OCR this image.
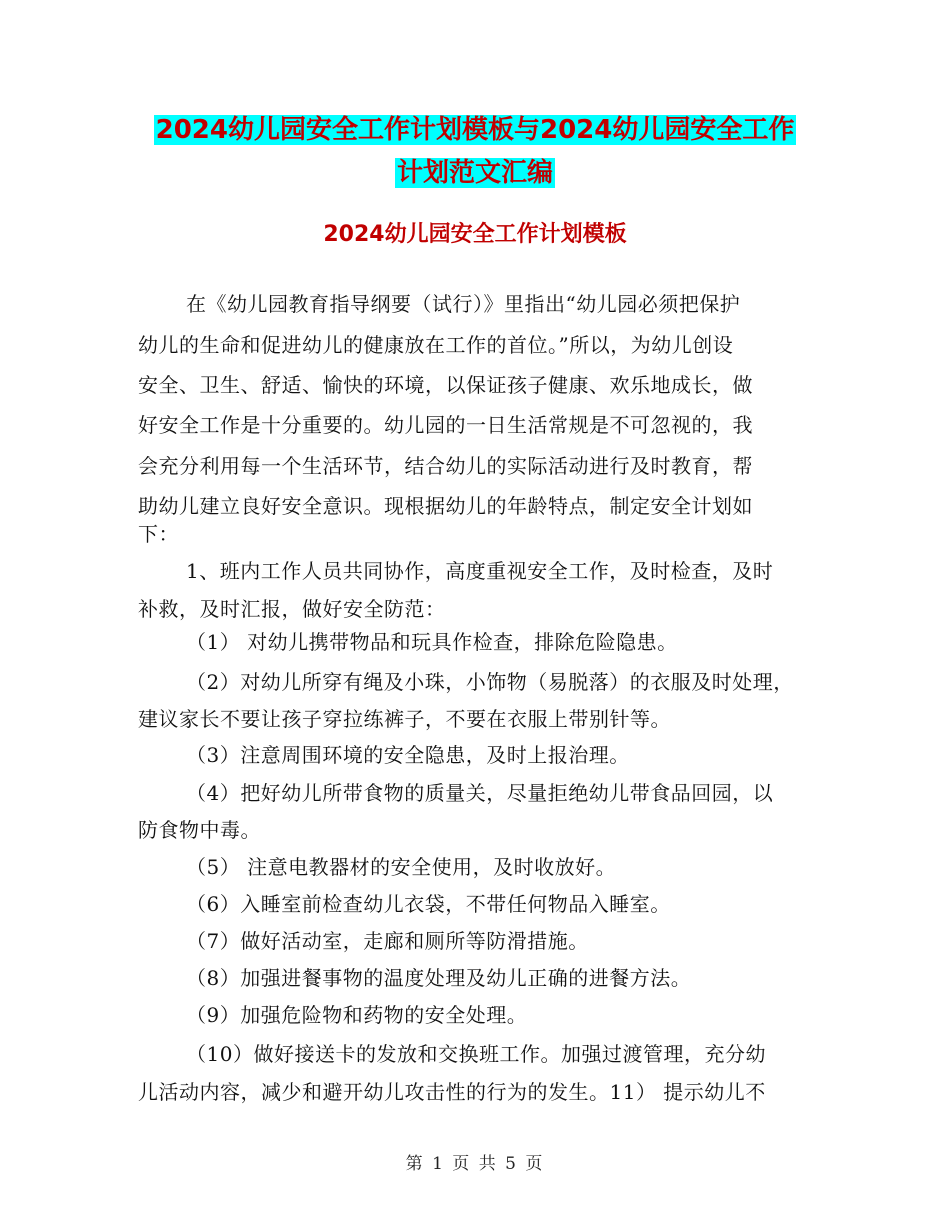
2024幼儿园安全工作计划模板与2024幼儿园安全工作
计划范文汇编
2024幼儿园安全工作计划模板
在《幼儿园教育指导纲要（试行）》里指出“幼儿园必须把保护
幼儿的生命和促进幼儿的健康放在工作的首位。”所以，为幼儿创设
安全、卫生、舒适、愉快的环境，以保证孩子健康、欢乐地成长，做
好安全工作是十分重要的。幼儿园的一日生活常规是不可忽视的，我
会充分利用每一个生活环节，结合幼儿的实际活动进行及时教育，帮
助幼儿建立良好安全意识。现根据幼儿的年龄特点，制定安全计划如
下：
1、班内工作人员共同协作，高度重视安全工作，及时检查，及时
补救，及时汇报，做好安全防范：
（1） 对幼儿携带物品和玩具作检查，排除危险隐患。
（2）对幼儿所穿有绳及小珠，小饰物（易脱落）的衣服及时处理，
建议家长不要让孩子穿拉练裤子，不要在衣服上带别针等。
（3）注意周围环境的安全隐患，及时上报治理。
（4）把好幼儿所带食物的质量关，尽量拒绝幼儿带食品回园，以
防食物中毒。
（5） 注意电教器材的安全使用，及时收放好。
（6）入睡室前检查幼儿衣袋，不带任何物品入睡室。
（7）做好活动室，走廊和厕所等防滑措施。
（8）加强进餐事物的温度处理及幼儿正确的进餐方法。
（9）加强危险物和药物的安全处理。
（10）做好接送卡的发放和交换班工作。加强过渡管理，充分幼
儿活动内容，减少和避开幼儿攻击性的行为的发生。11） 提示幼儿不
第 1 页 共 5 页
